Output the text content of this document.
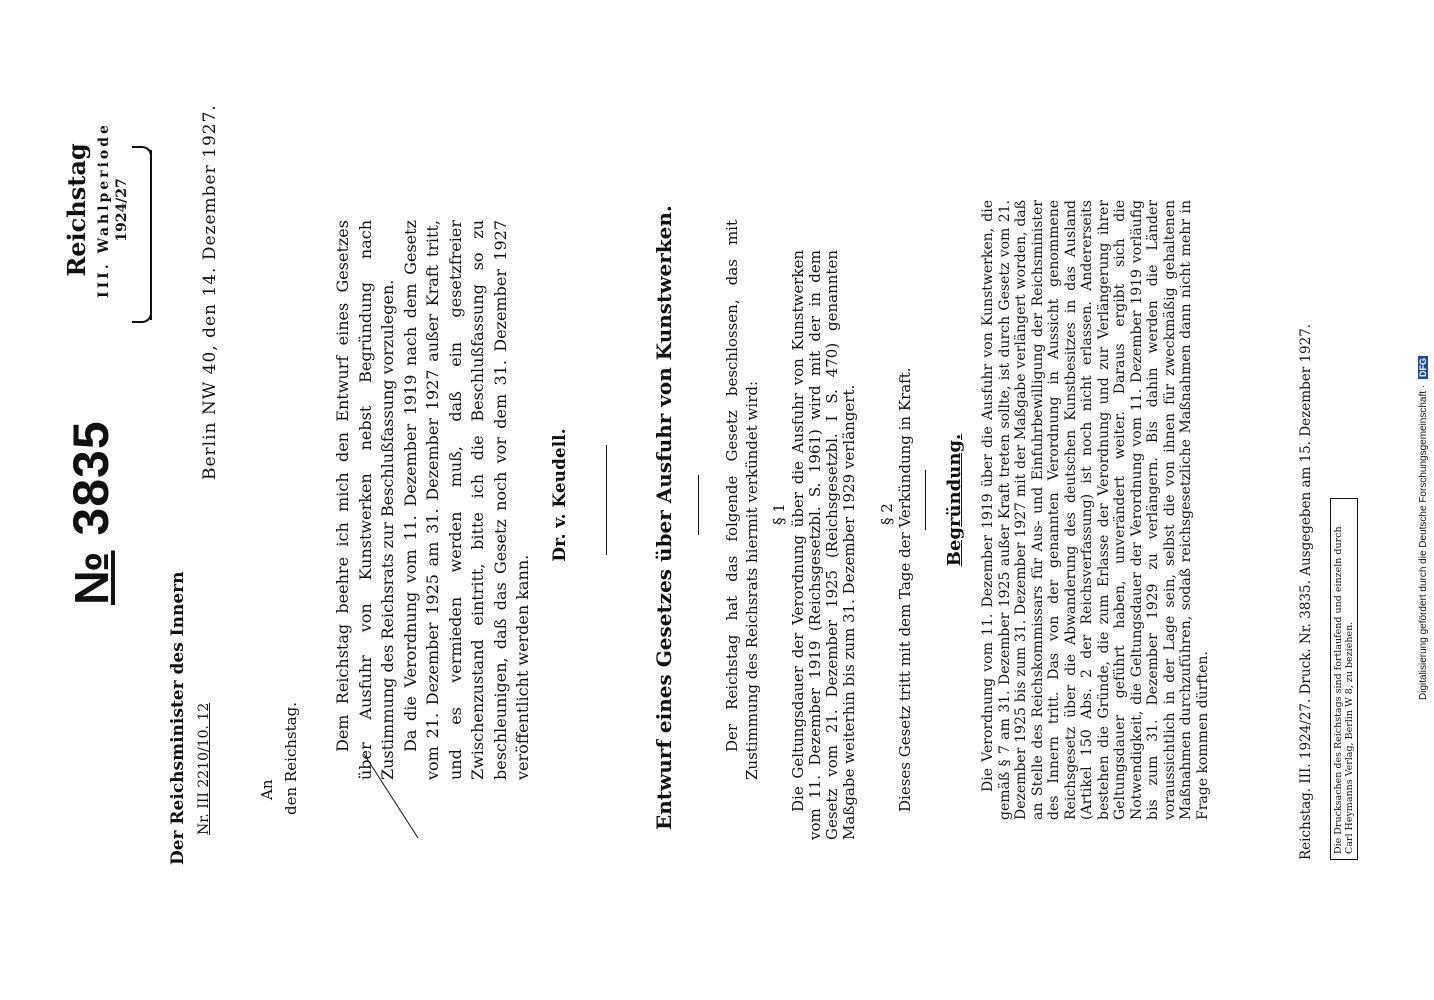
Der Reichsminister des Innern Nr. III 2210/10. 12
№ 3835
Reichstag III. Wahlperiode 1924/27	Berlin NW 40, den 14. Dezember 1927.
An den Reichstag.

Dem Reichstag beehre ich mich den Entwurf eines Gesetzes über Ausfuhr von Kunstwerken nebst Begründung nach Zustimmung des Reichsrats zur Beschlußfassung vorzulegen. Da die Verordnung vom 11. Dezember 1919 nach dem Gesetz vom 21. Dezember 1925 am 31. Dezember 1927 außer Kraft tritt, und es vermieden werden muß, daß ein gesetzfreier Zwischenzustand eintritt, bitte ich die Beschlußfassung so zu beschleunigen, daß das Gesetz noch vor dem 31. Dezember 1927 veröffentlicht werden kann.

Dr. v. Keudell.	Entwurf eines Gesetzes über Ausfuhr von Kunstwerken.	Der Reichstag hat das folgende Gesetz beschlossen, das mit Zustimmung des Reichsrats hiermit verkündet wird: § 1 Die Geltungsdauer der Verordnung über die Ausfuhr von Kunstwerken vom 11. Dezember 1919 (Reichsgesetzbl. S. 1961) wird mit der in dem Gesetz vom 21. Dezember 1925 (Reichsgesetzbl. I S. 470) genannten Maßgabe weiterhin bis zum 31. Dezember 1929 verlängert. § 2 Dieses Gesetz tritt mit dem Tage der Verkündung in Kraft. Begründung. Die Verordnung vom 11. Dezember 1919 über die Ausfuhr von Kunstwerken, die gemäß § 7 am 31. Dezember 1925 außer Kraft treten sollte, ist durch Gesetz vom 21. Dezember 1925 bis zum 31. Dezember 1927 mit der Maßgabe verlängert worden, daß an Stelle des Reichskommissars für Aus- und Einfuhrbewilligung der Reichsminister des Innern tritt. Das von der genannten Verordnung in Aussicht genommene Reichsgesetz über die Abwanderung des deutschen Kunstbesitzes in das Ausland (Artikel 150 Abs. 2 der Reichsverfassung) ist noch nicht erlassen. Andererseits bestehen die Gründe, die zum Erlasse der Verordnung und zur Verlängerung ihrer Geltungsdauer geführt haben, unverändert weiter. Daraus ergibt sich die Notwendigkeit, die Geltungsdauer der Verordnung vom 11. Dezember 1919 vorläufig bis zum 31. Dezember 1929 zu verlängern. Bis dahin werden die Länder voraussichtlich in der Lage sein, selbst die von ihnen für zweckmäßig gehaltenen Maßnahmen durchzuführen, sodaß reichsgesetzliche Maßnahmen dann nicht mehr in Frage kommen dürften.	Reichstag. III. 1924/27. Druck. Nr. 3835. Ausgegeben am 15. Dezember 1927.	Die Drucksachen des Reichstags sind fortlaufend und einzeln durch Carl Heymanns Verlag, Berlin W 8, zu beziehen.
Digitalisierung gefördert durch die Deutsche Forschungsgemeinschaft · DFG
